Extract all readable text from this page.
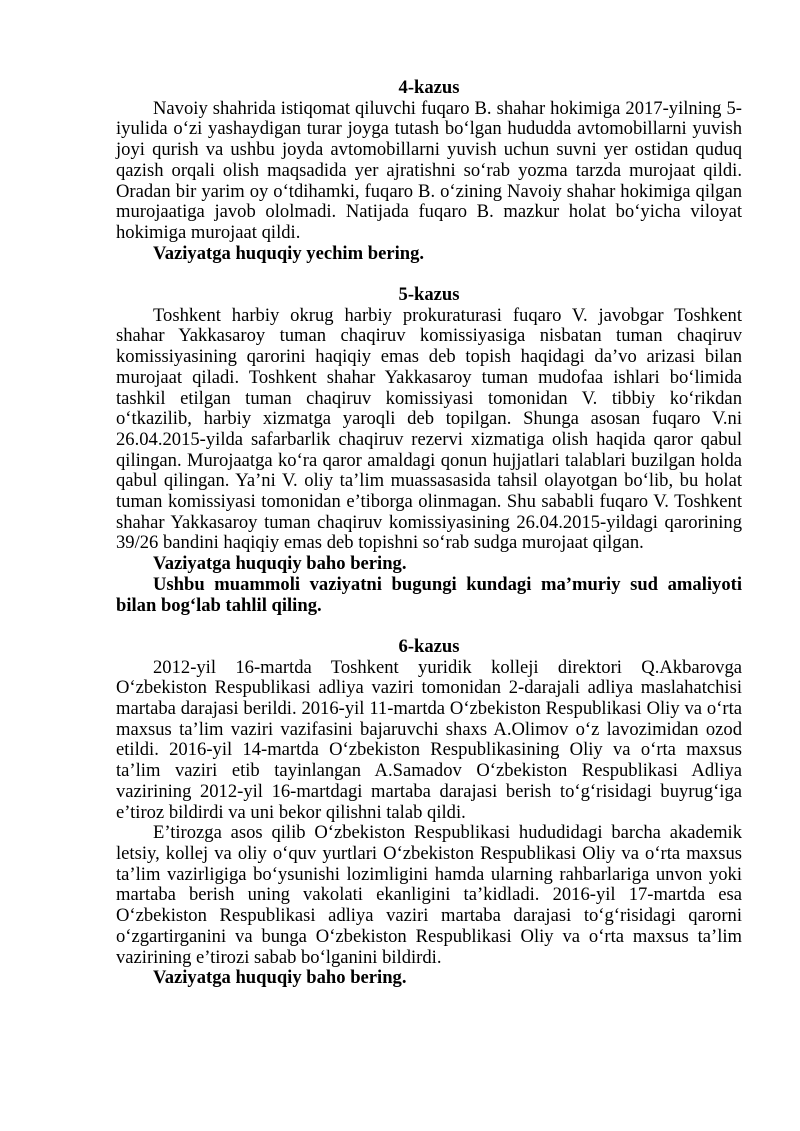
4-kazus

Navoiy shahrida istiqomat qiluvchi fuqaro B. shahar hokimiga 2017-yilning 5-iyulida o‘zi yashaydigan turar joyga tutash bo‘lgan hududda avtomobillarni yuvish joyi qurish va ushbu joyda avtomobillarni yuvish uchun suvni yer ostidan quduq qazish orqali olish maqsadida yer ajratishni so‘rab yozma tarzda murojaat qildi. Oradan bir yarim oy o‘tdihamki, fuqaro B. o‘zining Navoiy shahar hokimiga qilgan murojaatiga javob ololmadi. Natijada fuqaro B. mazkur holat bo‘yicha viloyat hokimiga murojaat qildi.

Vaziyatga huquqiy yechim bering.

5-kazus

Toshkent harbiy okrug harbiy prokuraturasi fuqaro V. javobgar Toshkent shahar Yakkasaroy tuman chaqiruv komissiyasiga nisbatan tuman chaqiruv komissiyasining qarorini haqiqiy emas deb topish haqidagi da’vo arizasi bilan murojaat qiladi. Toshkent shahar Yakkasaroy tuman mudofaa ishlari bo‘limida tashkil etilgan tuman chaqiruv komissiyasi tomonidan V. tibbiy ko‘rikdan o‘tkazilib, harbiy xizmatga yaroqli deb topilgan. Shunga asosan fuqaro V.ni 26.04.2015-yilda safarbarlik chaqiruv rezervi xizmatiga olish haqida qaror qabul qilingan. Murojaatga ko‘ra qaror amaldagi qonun hujjatlari talablari buzilgan holda qabul qilingan. Ya’ni V. oliy ta’lim muassasasida tahsil olayotgan bo‘lib, bu holat tuman komissiyasi tomonidan e’tiborga olinmagan. Shu sababli fuqaro V. Toshkent shahar Yakkasaroy tuman chaqiruv komissiyasining 26.04.2015-yildagi qarorining 39/26 bandini haqiqiy emas deb topishni so‘rab sudga murojaat qilgan.

Vaziyatga huquqiy baho bering.

Ushbu muammoli vaziyatni bugungi kundagi ma’muriy sud amaliyoti bilan bog‘lab tahlil qiling.

6-kazus

2012-yil 16-martda Toshkent yuridik kolleji direktori Q.Akbarovga O‘zbekiston Respublikasi adliya vaziri tomonidan 2-darajali adliya maslahatchisi martaba darajasi berildi. 2016-yil 11-martda O‘zbekiston Respublikasi Oliy va o‘rta maxsus ta’lim vaziri vazifasini bajaruvchi shaxs A.Olimov o‘z lavozimidan ozod etildi. 2016-yil 14-martda O‘zbekiston Respublikasining Oliy va o‘rta maxsus ta’lim vaziri etib tayinlangan A.Samadov O‘zbekiston Respublikasi Adliya vazirining 2012-yil 16-martdagi martaba darajasi berish to‘g‘risidagi buyrug‘iga e’tiroz bildirdi va uni bekor qilishni talab qildi.

E’tirozga asos qilib O‘zbekiston Respublikasi hududidagi barcha akademik letsiy, kollej va oliy o‘quv yurtlari O‘zbekiston Respublikasi Oliy va o‘rta maxsus ta’lim vazirligiga bo‘ysunishi lozimligini hamda ularning rahbarlariga unvon yoki martaba berish uning vakolati ekanligini ta’kidladi. 2016-yil 17-martda esa O‘zbekiston Respublikasi adliya vaziri martaba darajasi to‘g‘risidagi qarorni o‘zgartirganini va bunga O‘zbekiston Respublikasi Oliy va o‘rta maxsus ta’lim vazirining e’tirozi sabab bo‘lganini bildirdi.

Vaziyatga huquqiy baho bering.
